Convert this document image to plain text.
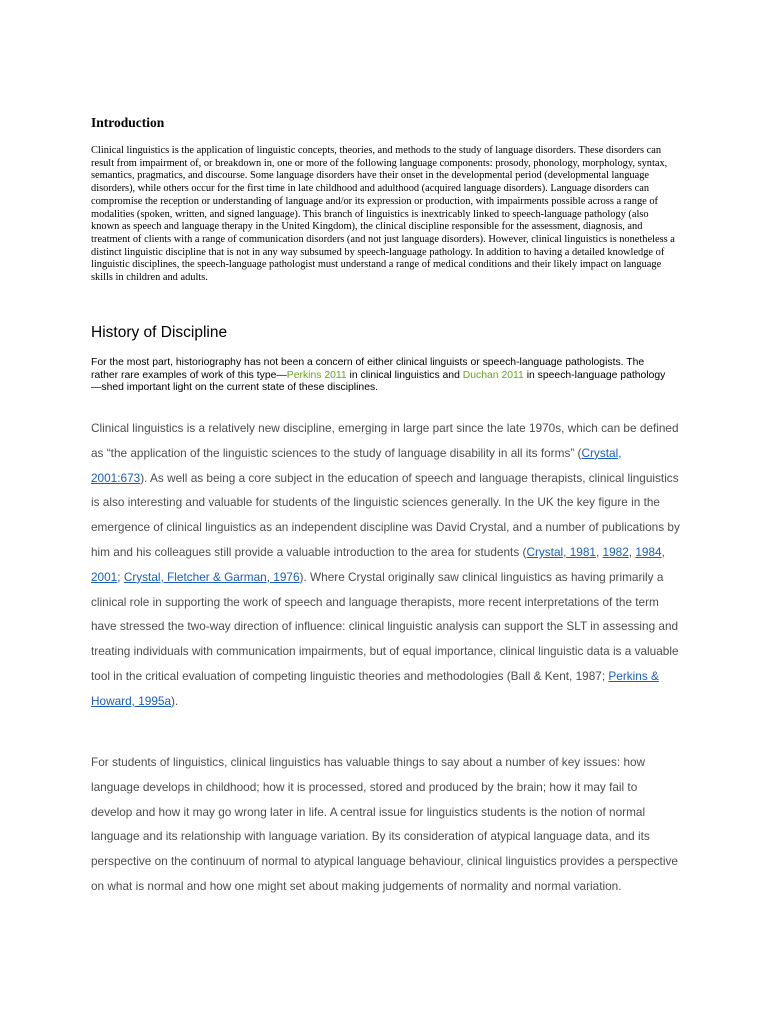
Introduction

Clinical linguistics is the application of linguistic concepts, theories, and methods to the study of language disorders. These disorders can result from impairment of, or breakdown in, one or more of the following language components: prosody, phonology, morphology, syntax, semantics, pragmatics, and discourse. Some language disorders have their onset in the developmental period (developmental language disorders), while others occur for the first time in late childhood and adulthood (acquired language disorders). Language disorders can compromise the reception or understanding of language and/or its expression or production, with impairments possible across a range of modalities (spoken, written, and signed language). This branch of linguistics is inextricably linked to speech-language pathology (also known as speech and language therapy in the United Kingdom), the clinical discipline responsible for the assessment, diagnosis, and treatment of clients with a range of communication disorders (and not just language disorders). However, clinical linguistics is nonetheless a distinct linguistic discipline that is not in any way subsumed by speech-language pathology. In addition to having a detailed knowledge of linguistic disciplines, the speech-language pathologist must understand a range of medical conditions and their likely impact on language skills in children and adults.

History of Discipline

For the most part, historiography has not been a concern of either clinical linguists or speech-language pathologists. The rather rare examples of work of this type—Perkins 2011 in clinical linguistics and Duchan 2011 in speech-language pathology—shed important light on the current state of these disciplines.

Clinical linguistics is a relatively new discipline, emerging in large part since the late 1970s, which can be defined as “the application of the linguistic sciences to the study of language disability in all its forms” (Crystal, 2001:673). As well as being a core subject in the education of speech and language therapists, clinical linguistics is also interesting and valuable for students of the linguistic sciences generally. In the UK the key figure in the emergence of clinical linguistics as an independent discipline was David Crystal, and a number of publications by him and his colleagues still provide a valuable introduction to the area for students (Crystal, 1981, 1982, 1984, 2001; Crystal, Fletcher & Garman, 1976). Where Crystal originally saw clinical linguistics as having primarily a clinical role in supporting the work of speech and language therapists, more recent interpretations of the term have stressed the two-way direction of influence: clinical linguistic analysis can support the SLT in assessing and treating individuals with communication impairments, but of equal importance, clinical linguistic data is a valuable tool in the critical evaluation of competing linguistic theories and methodologies (Ball & Kent, 1987; Perkins & Howard, 1995a).

For students of linguistics, clinical linguistics has valuable things to say about a number of key issues: how language develops in childhood; how it is processed, stored and produced by the brain; how it may fail to develop and how it may go wrong later in life. A central issue for linguistics students is the notion of normal language and its relationship with language variation. By its consideration of atypical language data, and its perspective on the continuum of normal to atypical language behaviour, clinical linguistics provides a perspective on what is normal and how one might set about making judgements of normality and normal variation.
